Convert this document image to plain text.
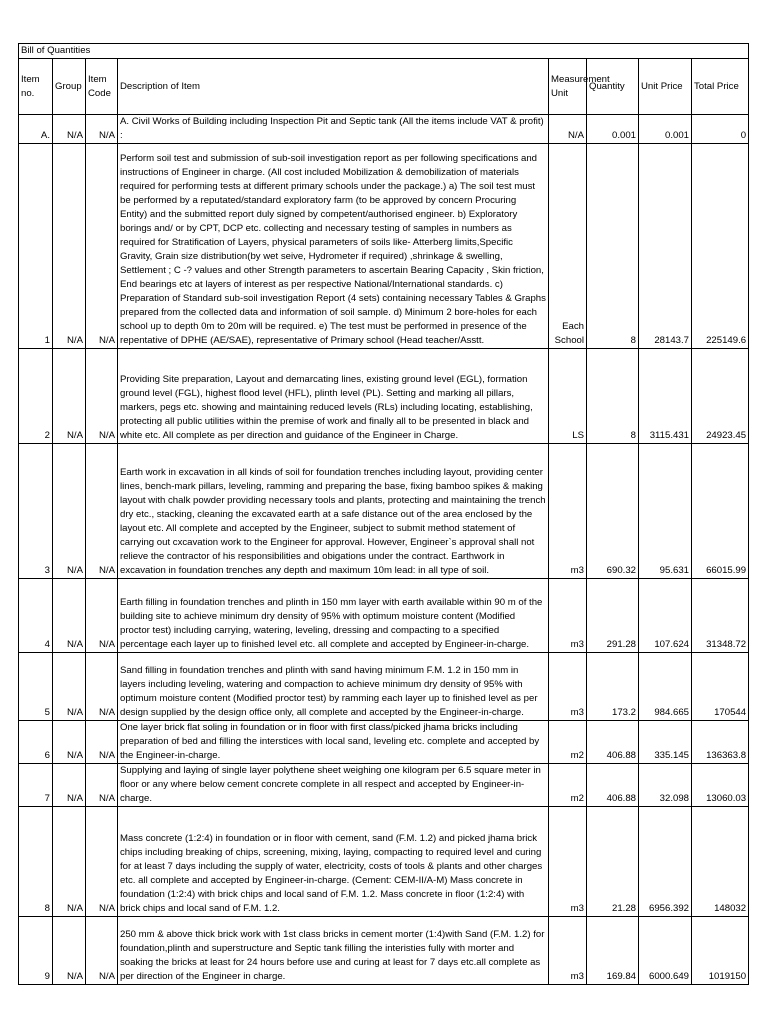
Bill of Quantities							
Item no.	Group	Item Code	Description of Item	Measurement Unit	Quantity	Unit Price	Total Price
A.	N/A	N/A	A. Civil Works of Building including Inspection Pit and Septic tank (All the items include VAT & profit) :	N/A	0.001	0.001	0
1	N/A	N/A	Perform soil test and submission of sub-soil investigation report as per following specifications and instructions of Engineer in charge. (All cost included Mobilization & demobilization of materials required for performing tests at different primary schools under the package.) a) The soil test must be performed by a reputated/standard exploratory farm (to be approved by concern Procuring Entity) and the submitted report duly signed by competent/authorised engineer. b) Exploratory borings and/ or by CPT, DCP etc. collecting and necessary testing of samples in numbers as required for Stratification of Layers, physical parameters of soils like- Atterberg limits,Specific Gravity, Grain size distribution(by wet seive, Hydrometer if required) ,shrinkage & swelling, Settlement ; C -? values and other Strength parameters to ascertain Bearing Capacity , Skin friction, End bearings etc at layers of interest as per respective National/International standards. c) Preparation of Standard sub-soil investigation Report (4 sets) containing necessary Tables & Graphs prepared from the collected data and information of soil sample. d) Minimum 2 bore-holes for each school up to depth 0m to 20m will be required. e) The test must be performed in presence of the repentative of DPHE (AE/SAE), representative of Primary school (Head teacher/Asstt.	Each School	8	28143.7	225149.6
2	N/A	N/A	Providing Site preparation, Layout and demarcating lines, existing ground level (EGL), formation ground level (FGL), highest flood level (HFL), plinth level (PL). Setting and marking all pillars, markers, pegs etc. showing and maintaining reduced levels (RLs) including locating, establishing, protecting all public utilities within the premise of work and finally all to be presented in black and white etc. All complete as per direction and guidance of the Engineer in Charge.	LS	8	3115.431	24923.45
3	N/A	N/A	Earth work in excavation in all kinds of soil for foundation trenches including layout, providing center lines, bench-mark pillars, leveling, ramming and preparing the base, fixing bamboo spikes & making layout with chalk powder providing necessary tools and plants, protecting and maintaining the trench dry etc., stacking, cleaning the excavated earth at a safe distance out of the area enclosed by the layout etc. All complete and accepted by the Engineer, subject to submit method statement of carrying out cxcavation work to the Engineer for approval. However, Engineer`s approval shall not relieve the contractor of his responsibilities and obigations under the contract. Earthwork in excavation in foundation trenches any depth and maximum 10m lead: in all type of soil.	m3	690.32	95.631	66015.99
4	N/A	N/A	Earth filling in foundation trenches and plinth in 150 mm layer with earth available within 90 m of the building site to achieve minimum dry density of 95% with optimum moisture content (Modified proctor test) including carrying, watering, leveling, dressing and compacting to a specified percentage each layer up to finished level etc. all complete and accepted by Engineer-in-charge.	m3	291.28	107.624	31348.72
5	N/A	N/A	Sand filling in foundation trenches and plinth with sand having minimum F.M. 1.2 in 150 mm in layers including leveling, watering and compaction to achieve minimum dry density of 95% with optimum moisture content (Modified proctor test) by ramming each layer up to finished level as per design supplied by the design office only, all complete and accepted by the Engineer-in-charge.	m3	173.2	984.665	170544
6	N/A	N/A	One layer brick flat soling in foundation or in floor with first class/picked jhama bricks including preparation of bed and filling the interstices with local sand, leveling etc. complete and accepted by the Engineer-in-charge.	m2	406.88	335.145	136363.8
7	N/A	N/A	Supplying and laying of single layer polythene sheet weighing one kilogram per 6.5 square meter in floor or any where below cement concrete complete in all respect and accepted by Engineer-in-charge.	m2	406.88	32.098	13060.03
8	N/A	N/A	Mass concrete (1:2:4) in foundation or in floor with cement, sand (F.M. 1.2) and picked jhama brick chips including breaking of chips, screening, mixing, laying, compacting to required level and curing for at least 7 days including the supply of water, electricity, costs of tools & plants and other charges etc. all complete and accepted by Engineer-in-charge. (Cement: CEM-II/A-M) Mass concrete in foundation (1:2:4) with brick chips and local sand of F.M. 1.2. Mass concrete in floor (1:2:4) with brick chips and local sand of F.M. 1.2.	m3	21.28	6956.392	148032
9	N/A	N/A	250 mm & above thick brick work with 1st class bricks in cement morter (1:4)with Sand (F.M. 1.2) for foundation,plinth and superstructure and Septic tank filling the interisties fully with morter and soaking the bricks at least for 24 hours before use and curing at least for 7 days etc.all complete as per direction of the Engineer in charge.	m3	169.84	6000.649	1019150
